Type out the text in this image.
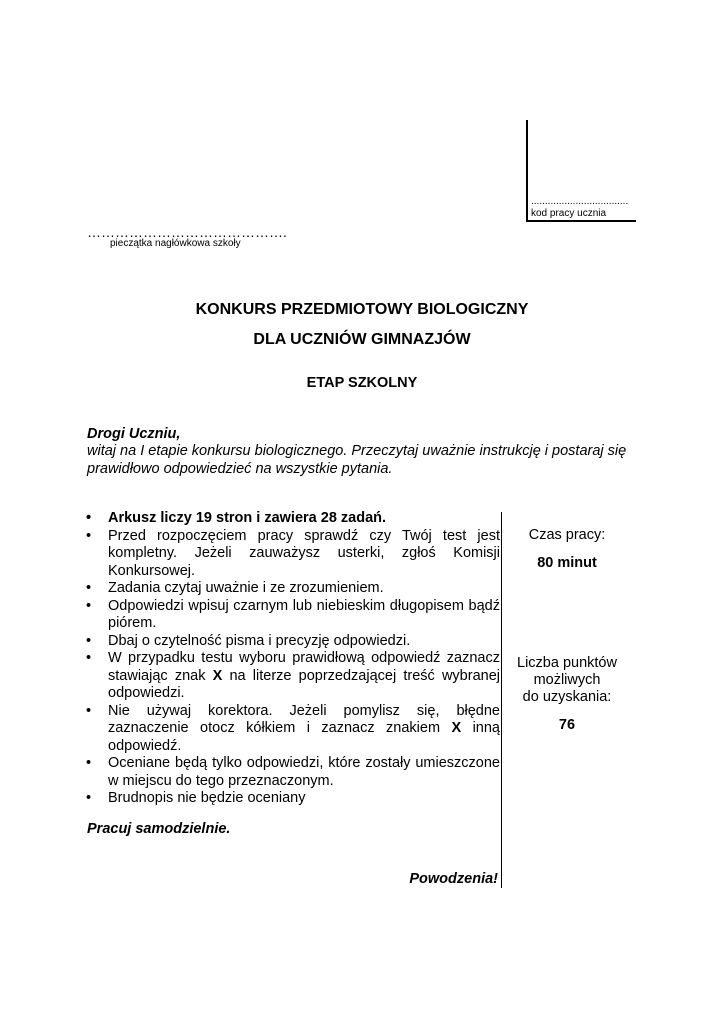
...................................
kod pracy ucznia
…………………………………….
pieczątka nagłówkowa szkoły
KONKURS PRZEDMIOTOWY BIOLOGICZNY
DLA UCZNIÓW GIMNAZJÓW
ETAP SZKOLNY
Drogi Uczniu,
witaj na I etapie konkursu biologicznego. Przeczytaj uważnie instrukcję i postaraj się prawidłowo odpowiedzieć na wszystkie pytania.
• Arkusz liczy 19 stron i zawiera 28 zadań.
• Przed rozpoczęciem pracy sprawdź czy Twój test jest kompletny. Jeżeli zauważysz usterki, zgłoś Komisji Konkursowej.
• Zadania czytaj uważnie i ze zrozumieniem.
• Odpowiedzi wpisuj czarnym lub niebieskim długopisem bądź piórem.
• Dbaj o czytelność pisma i precyzję odpowiedzi.
• W przypadku testu wyboru prawidłową odpowiedź zaznacz stawiając znak X na literze poprzedzającej treść wybranej odpowiedzi.
• Nie używaj korektora. Jeżeli pomylisz się, błędne zaznaczenie otocz kółkiem i zaznacz znakiem X inną odpowiedź.
• Oceniane będą tylko odpowiedzi, które zostały umieszczone w miejscu do tego przeznaczonym.
• Brudnopis nie będzie oceniany
Pracuj samodzielnie.
Powodzenia!
Czas pracy:
80 minut
Liczba punktów
możliwych
do uzyskania:
76
